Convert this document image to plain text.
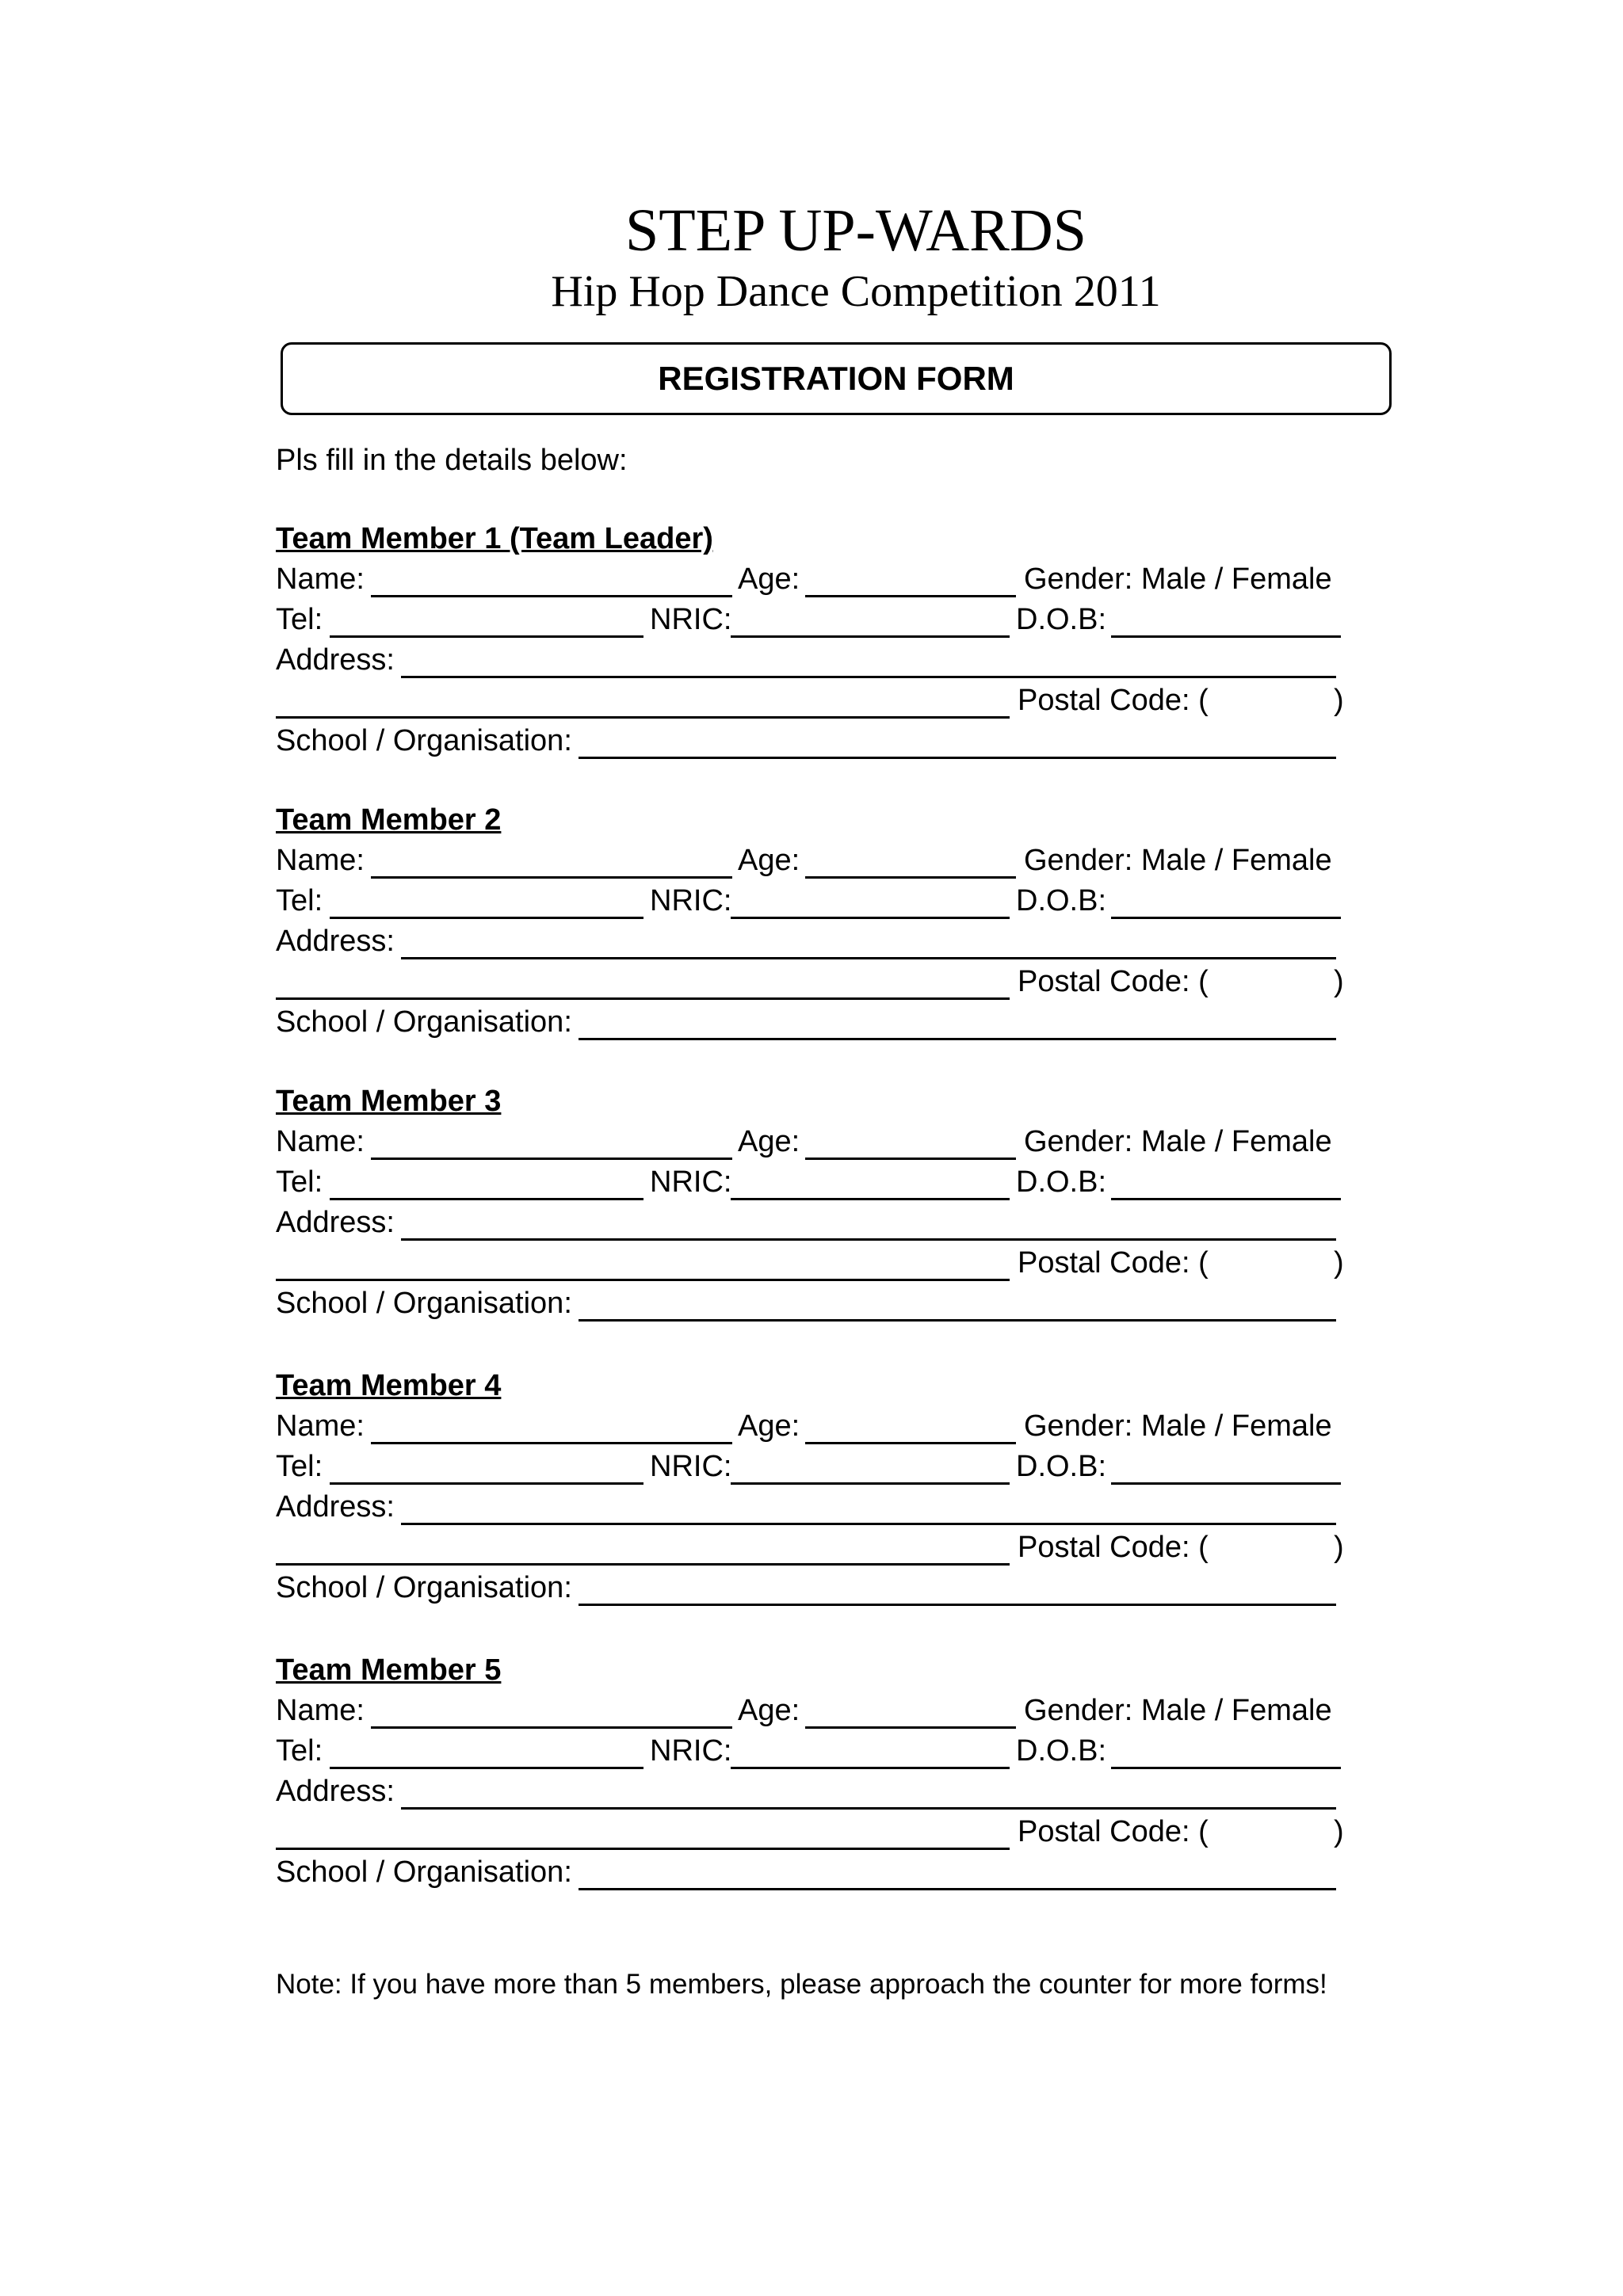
STEP UP-WARDS
Hip Hop Dance Competition 2011
REGISTRATION FORM
Pls fill in the details below:
Team Member 1 (Team Leader)
Name:	Age:	Gender: Male / Female
Tel:	NRIC:	D.O.B:
Address:
Postal Code: (	)
School / Organisation:
Team Member 2
Name:	Age:	Gender: Male / Female
Tel:	NRIC:	D.O.B:
Address:
Postal Code: (	)
School / Organisation:
Team Member 3
Name:	Age:	Gender: Male / Female
Tel:	NRIC:	D.O.B:
Address:
Postal Code: (	)
School / Organisation:
Team Member 4
Name:	Age:	Gender: Male / Female
Tel:	NRIC:	D.O.B:
Address:
Postal Code: (	)
School / Organisation:
Team Member 5
Name:	Age:	Gender: Male / Female
Tel:	NRIC:	D.O.B:
Address:
Postal Code: (	)
School / Organisation:
Note: If you have more than 5 members, please approach the counter for more forms!
